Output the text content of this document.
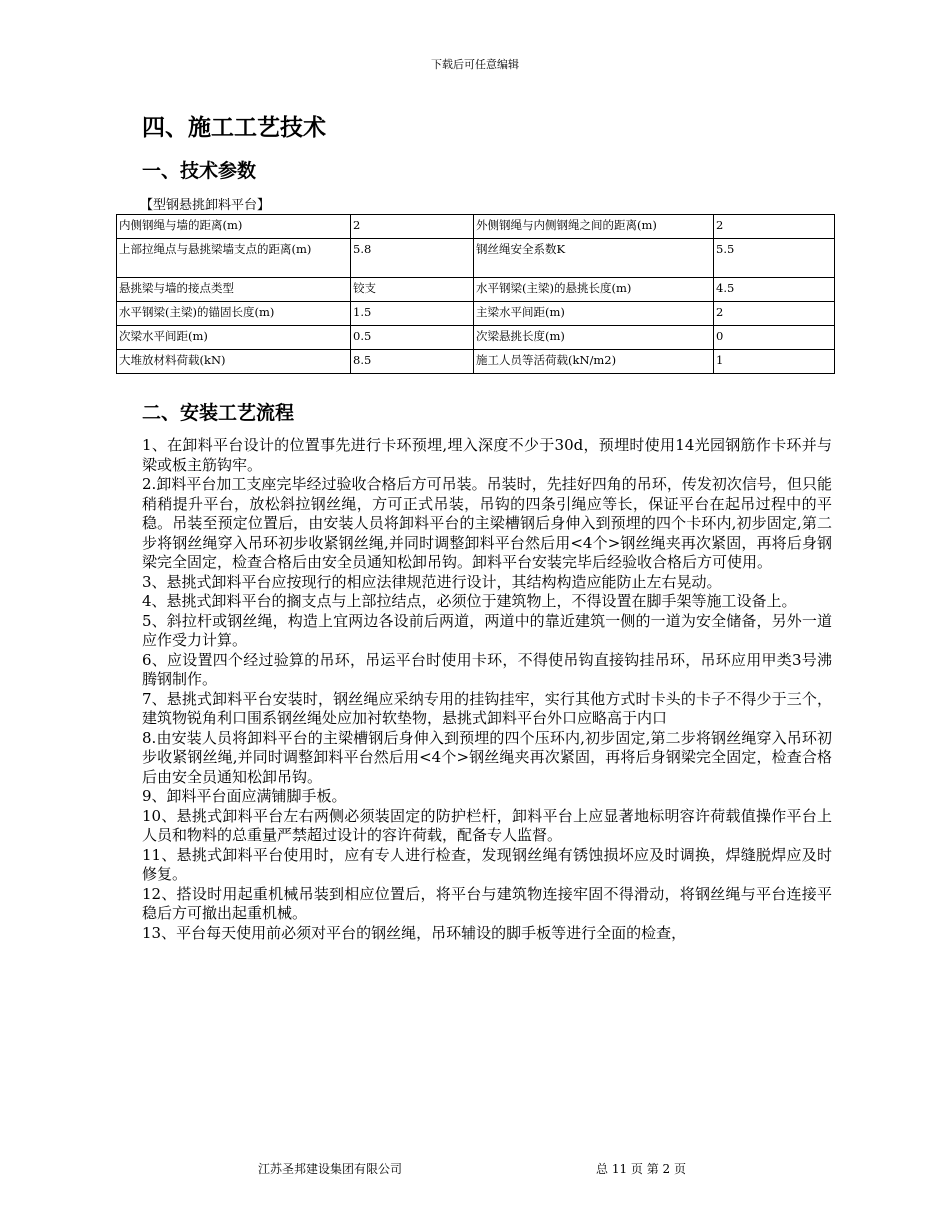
下载后可任意编辑
四、施工工艺技术
一、技术参数
【型钢悬挑卸料平台】
内侧钢绳与墙的距离(m)	2	外侧钢绳与内侧钢绳之间的距离(m)	2
上部拉绳点与悬挑梁墙支点的距离(m)	5.8	钢丝绳安全系数K	5.5
悬挑梁与墙的接点类型	铰支	水平钢梁(主梁)的悬挑长度(m)	4.5
水平钢梁(主梁)的锚固长度(m)	1.5	主梁水平间距(m)	2
次梁水平间距(m)	0.5	次梁悬挑长度(m)	0
大堆放材料荷载(kN)	8.5	施工人员等活荷载(kN/m2)	1
二、安装工艺流程

1、在卸料平台设计的位置事先进行卡环预埋,埋入深度不少于30d，预埋时使用14光园钢筋作卡环并与梁或板主筋钩牢。

2.卸料平台加工支座完毕经过验收合格后方可吊装。吊装时，先挂好四角的吊环，传发初次信号，但只能稍稍提升平台，放松斜拉钢丝绳，方可正式吊装，吊钩的四条引绳应等长，保证平台在起吊过程中的平稳。吊装至预定位置后，由安装人员将卸料平台的主梁槽钢后身伸入到预埋的四个卡环内,初步固定,第二步将钢丝绳穿入吊环初步收紧钢丝绳,并同时调整卸料平台然后用<4个>钢丝绳夹再次紧固，再将后身钢梁完全固定，检查合格后由安全员通知松卸吊钩。卸料平台安装完毕后经验收合格后方可使用。

3、悬挑式卸料平台应按现行的相应法律规范进行设计，其结构构造应能防止左右晃动。

4、悬挑式卸料平台的搁支点与上部拉结点，必须位于建筑物上，不得设置在脚手架等施工设备上。

5、斜拉杆或钢丝绳，构造上宜两边各设前后两道，两道中的靠近建筑一侧的一道为安全储备，另外一道应作受力计算。

6、应设置四个经过验算的吊环，吊运平台时使用卡环，不得使吊钩直接钩挂吊环，吊环应用甲类3号沸腾钢制作。

7、悬挑式卸料平台安装时，钢丝绳应采纳专用的挂钩挂牢，实行其他方式时卡头的卡子不得少于三个，建筑物锐角利口围系钢丝绳处应加衬软垫物，悬挑式卸料平台外口应略高于内口

8.由安装人员将卸料平台的主梁槽钢后身伸入到预埋的四个压环内,初步固定,第二步将钢丝绳穿入吊环初步收紧钢丝绳,并同时调整卸料平台然后用<4个>钢丝绳夹再次紧固，再将后身钢梁完全固定，检查合格后由安全员通知松卸吊钩。

9、卸料平台面应满铺脚手板。

10、悬挑式卸料平台左右两侧必须装固定的防护栏杆，卸料平台上应显著地标明容许荷载值操作平台上人员和物料的总重量严禁超过设计的容许荷载，配备专人监督。

11、悬挑式卸料平台使用时，应有专人进行检查，发现钢丝绳有锈蚀损坏应及时调换，焊缝脱焊应及时修复。

12、搭设时用起重机械吊装到相应位置后，将平台与建筑物连接牢固不得滑动，将钢丝绳与平台连接平稳后方可撤出起重机械。

13、平台每天使用前必须对平台的钢丝绳，吊环辅设的脚手板等进行全面的检查，

江苏圣邦建设集团有限公司	总 11 页 第 2 页
